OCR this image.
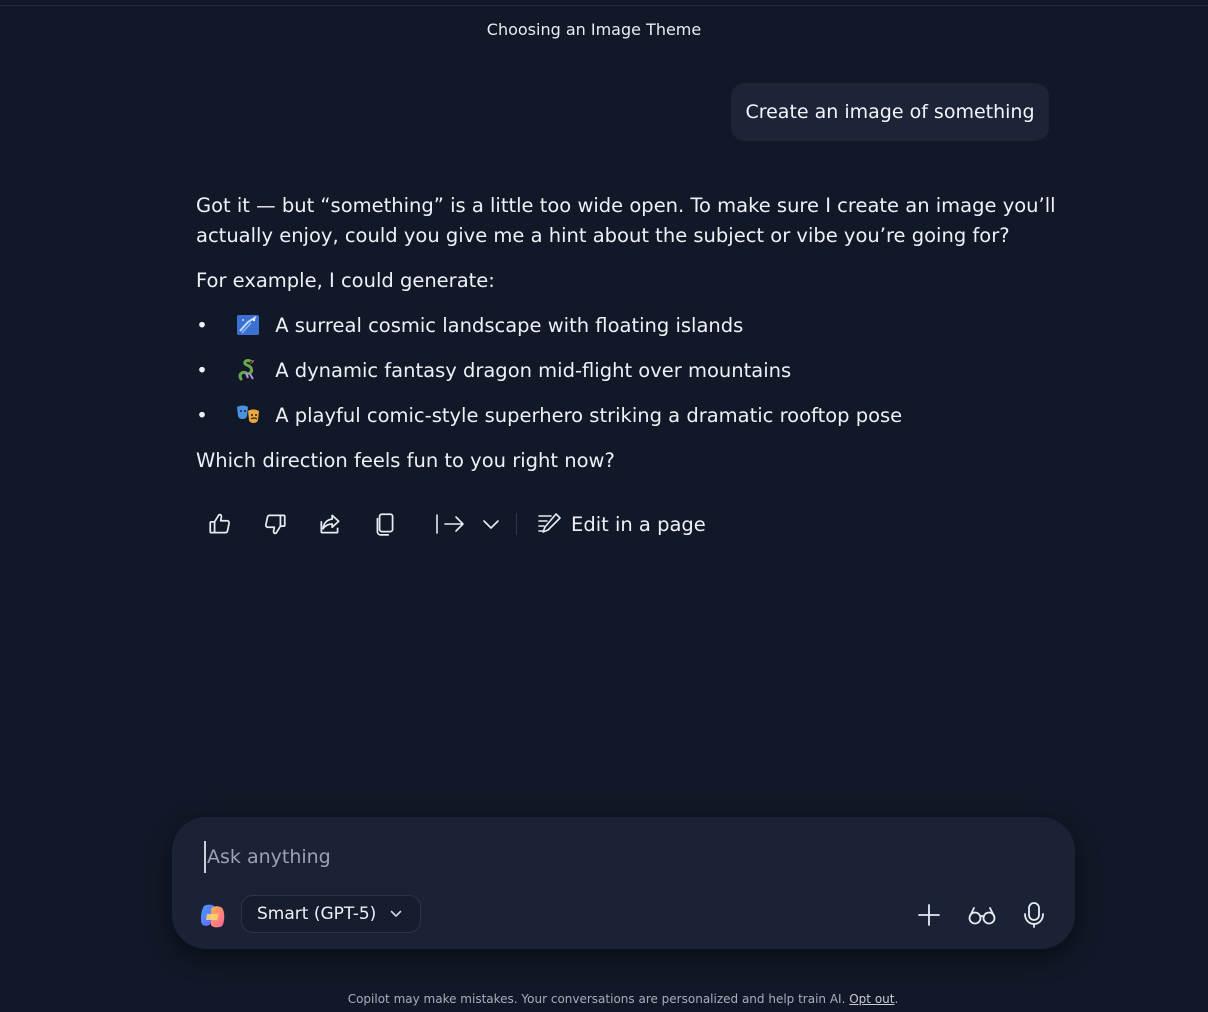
Choosing an Image Theme
Create an image of something

Got it — but “something” is a little too wide open. To make sure I create an image you’ll actually enjoy, could you give me a hint about the subject or vibe you’re going for?

For example, I could generate:

•	A surreal cosmic landscape with floating islands
•	A dynamic fantasy dragon mid-flight over mountains
•	A playful comic-style superhero striking a dramatic rooftop pose

Which direction feels fun to you right now?

Edit in a page
Ask anything
Smart (GPT-5)
Copilot may make mistakes. Your conversations are personalized and help train AI. Opt out.
